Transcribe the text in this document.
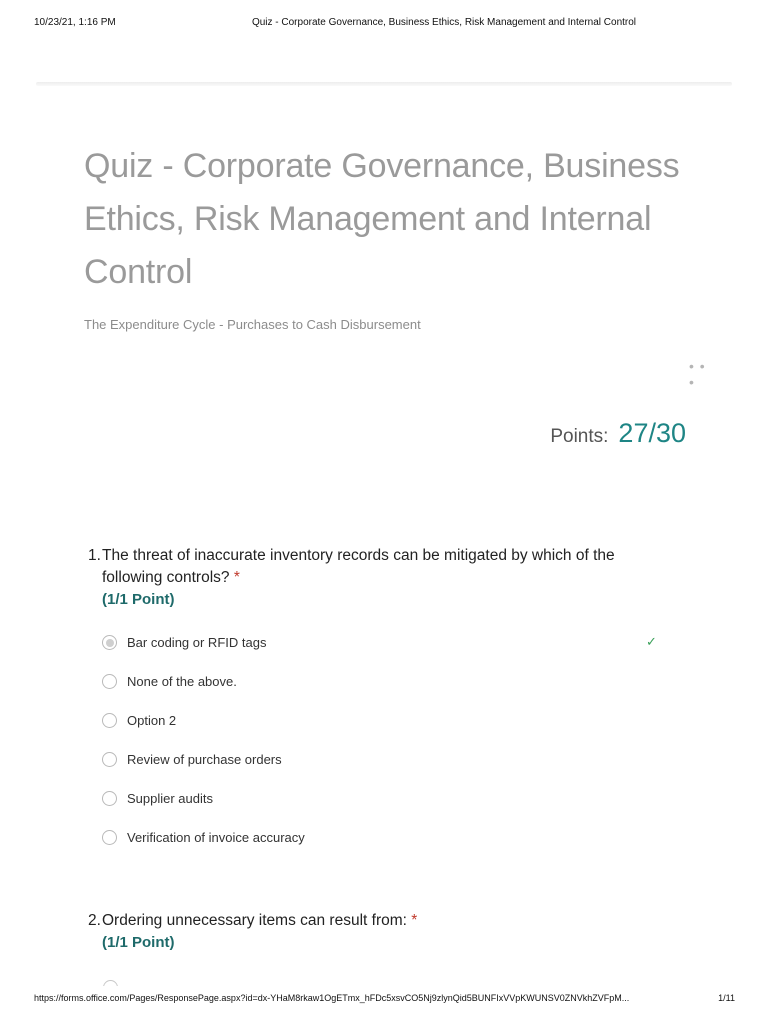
10/23/21, 1:16 PM	Quiz - Corporate Governance, Business Ethics, Risk Management and Internal Control
Quiz - Corporate Governance, Business Ethics, Risk Management and Internal Control
The Expenditure Cycle - Purchases to Cash Disbursement
• • •
Points: 27/30
1. The threat of inaccurate inventory records can be mitigated by which of the following controls? *
(1/1 Point)
Bar coding or RFID tags	✓
None of the above.
Option 2
Review of purchase orders
Supplier audits
Verification of invoice accuracy
2. Ordering unnecessary items can result from: *
(1/1 Point)
https://forms.office.com/Pages/ResponsePage.aspx?id=dx-YHaM8rkaw1OgETmx_hFDc5xsvCO5Nj9zlynQid5BUNFIxVVpKWUNSV0ZNVkhZVFpM...	1/11
